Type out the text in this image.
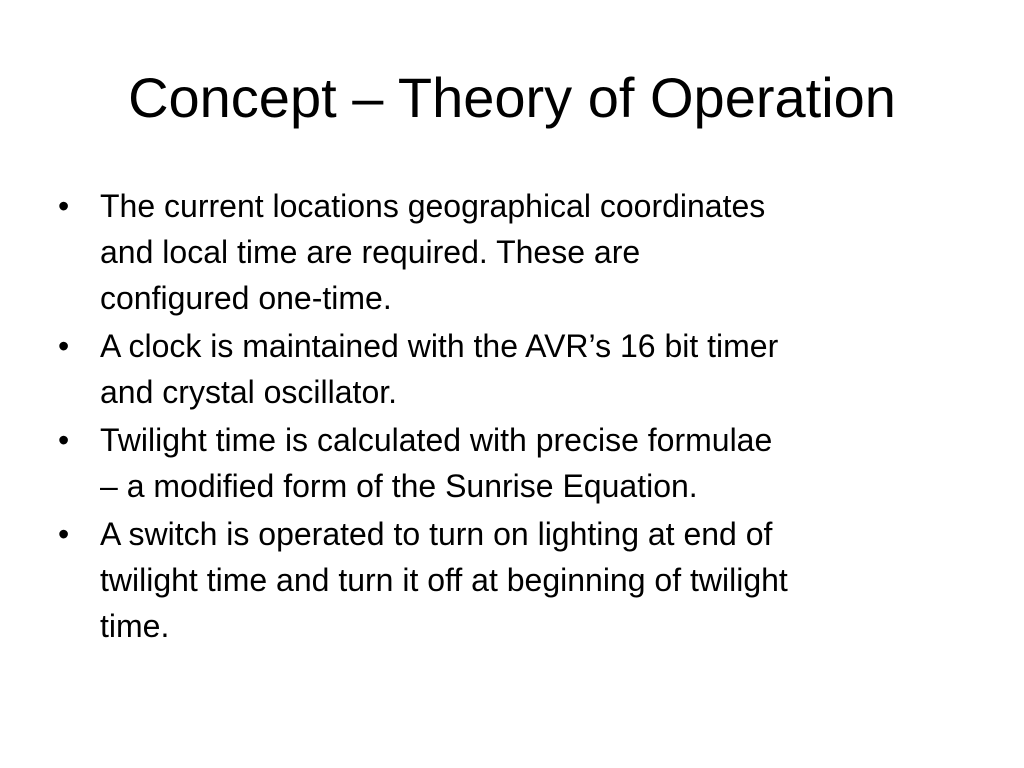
Concept – Theory of Operation
• The current locations geographical coordinates
and local time are required. These are
configured one-time.
• A clock is maintained with the AVR’s 16 bit timer
and crystal oscillator.
• Twilight time is calculated with precise formulae
– a modified form of the Sunrise Equation.
• A switch is operated to turn on lighting at end of
twilight time and turn it off at beginning of twilight
time.
